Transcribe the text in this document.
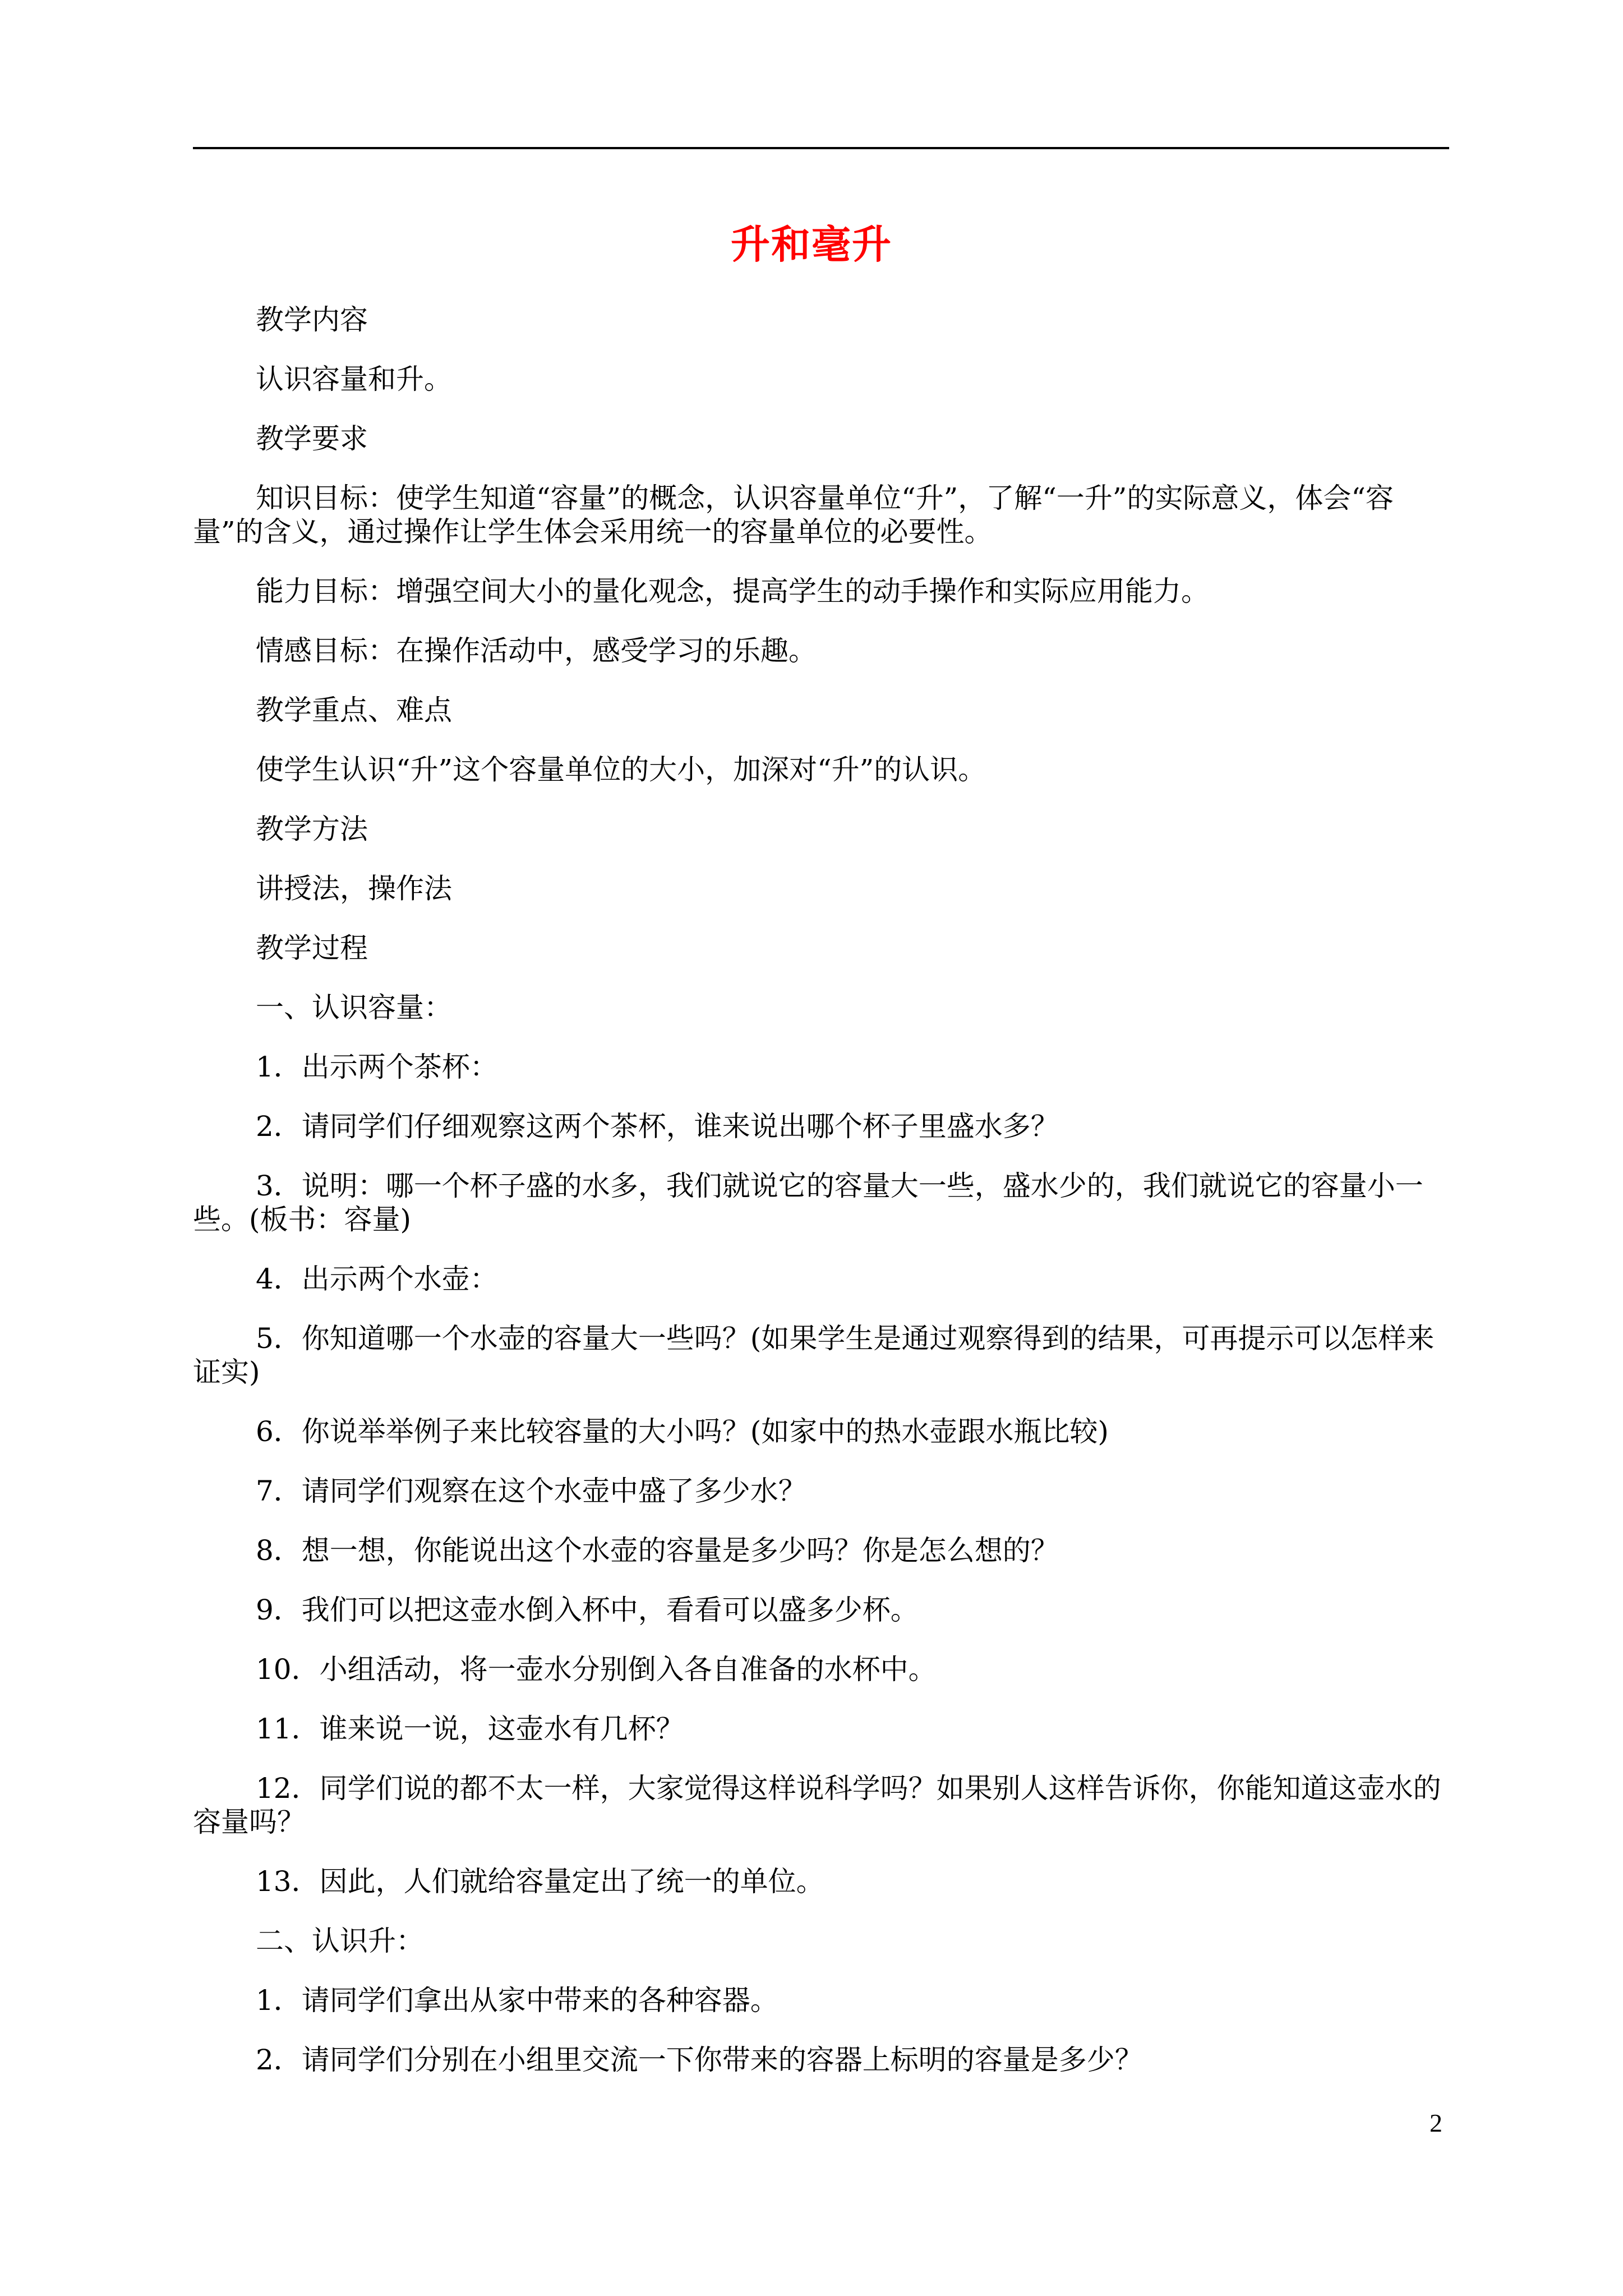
升和毫升

教学内容

认识容量和升。

教学要求

知识目标：使学生知道“容量”的概念，认识容量单位“升”，了解“一升”的实际意义，体会“容量”的含义，通过操作让学生体会采用统一的容量单位的必要性。

能力目标：增强空间大小的量化观念，提高学生的动手操作和实际应用能力。

情感目标：在操作活动中，感受学习的乐趣。

教学重点、难点

使学生认识“升”这个容量单位的大小，加深对“升”的认识。

教学方法

讲授法，操作法

教学过程

一、认识容量：

1．出示两个茶杯：

2．请同学们仔细观察这两个茶杯，谁来说出哪个杯子里盛水多？

3．说明：哪一个杯子盛的水多，我们就说它的容量大一些，盛水少的，我们就说它的容量小一些。(板书：容量)

4．出示两个水壶：

5．你知道哪一个水壶的容量大一些吗？(如果学生是通过观察得到的结果，可再提示可以怎样来证实)

6．你说举举例子来比较容量的大小吗？(如家中的热水壶跟水瓶比较)

7．请同学们观察在这个水壶中盛了多少水？

8．想一想，你能说出这个水壶的容量是多少吗？你是怎么想的？

9．我们可以把这壶水倒入杯中，看看可以盛多少杯。

10．小组活动，将一壶水分别倒入各自准备的水杯中。

11．谁来说一说，这壶水有几杯？

12．同学们说的都不太一样，大家觉得这样说科学吗？如果别人这样告诉你，你能知道这壶水的容量吗？

13．因此，人们就给容量定出了统一的单位。

二、认识升：

1．请同学们拿出从家中带来的各种容器。

2．请同学们分别在小组里交流一下你带来的容器上标明的容量是多少？

2
